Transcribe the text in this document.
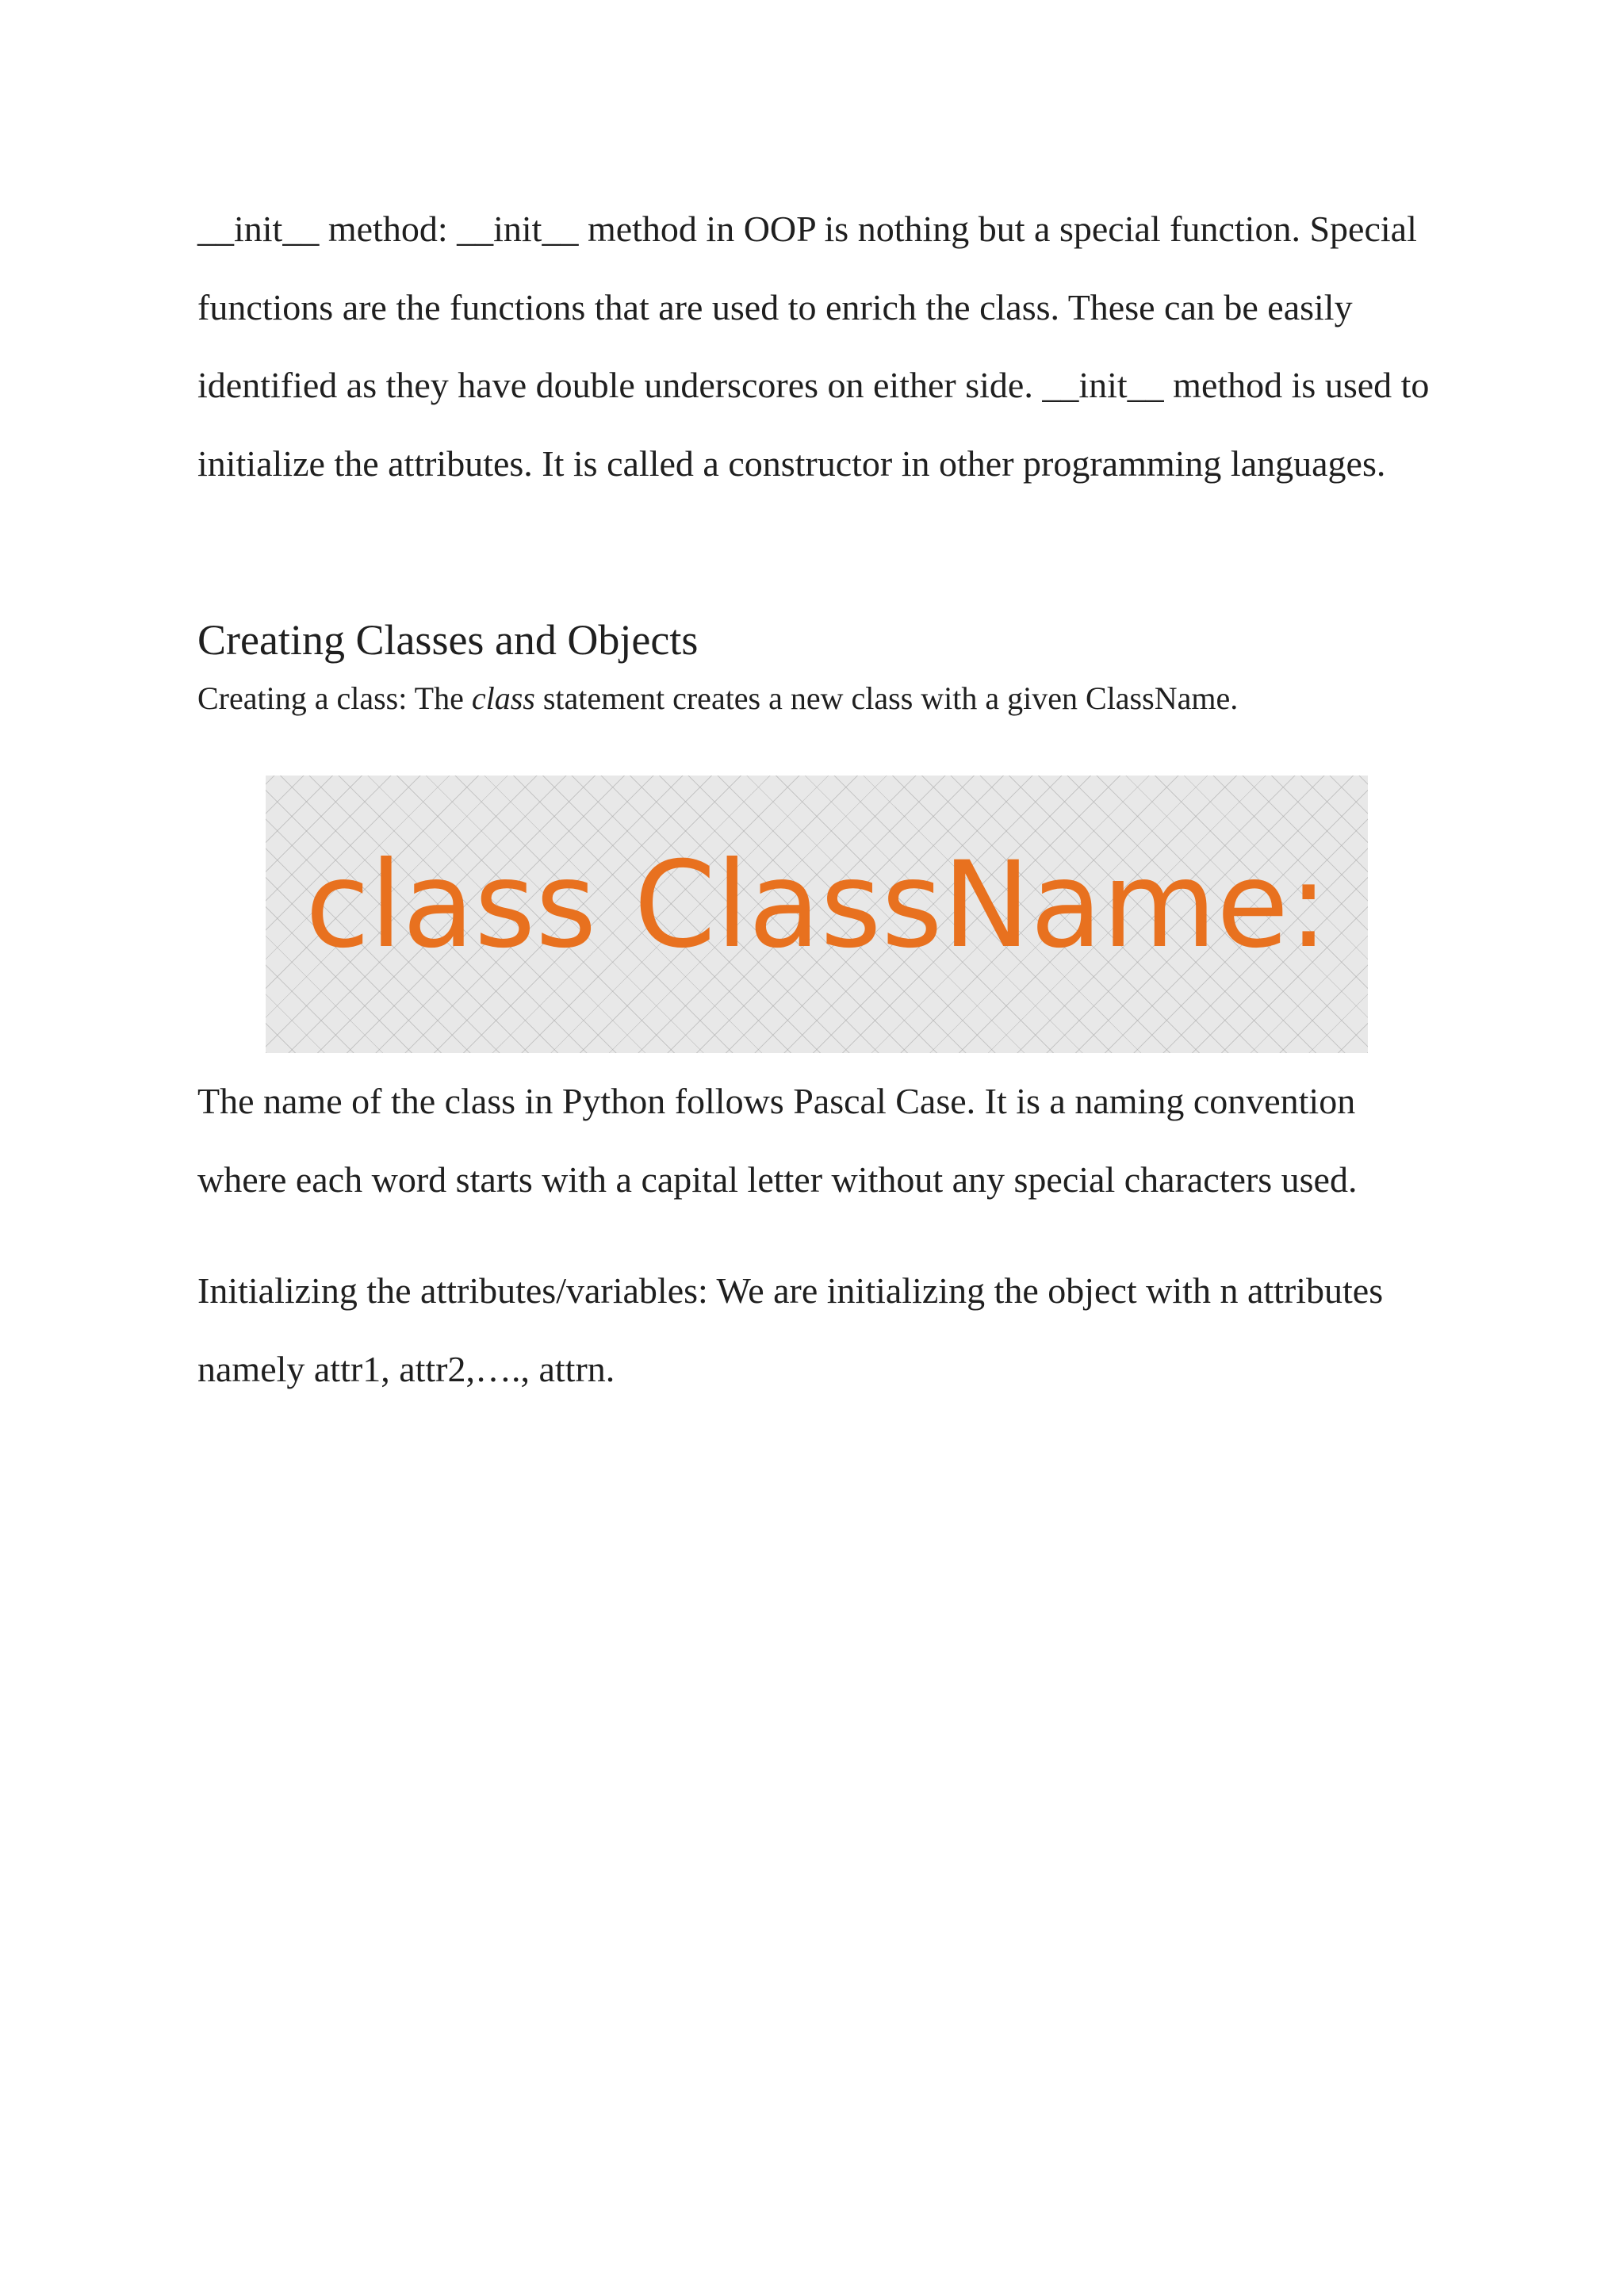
__init__ method: __init__ method in OOP is nothing but a special function. Special functions are the functions that are used to enrich the class. These can be easily identified as they have double underscores on either side. __init__ method is used to initialize the attributes. It is called a constructor in other programming languages.

Creating Classes and Objects

Creating a class: The class statement creates a new class with a given ClassName.

class ClassName:

The name of the class in Python follows Pascal Case. It is a naming convention where each word starts with a capital letter without any special characters used.

Initializing the attributes/variables: We are initializing the object with n attributes namely attr1, attr2,…., attrn.
